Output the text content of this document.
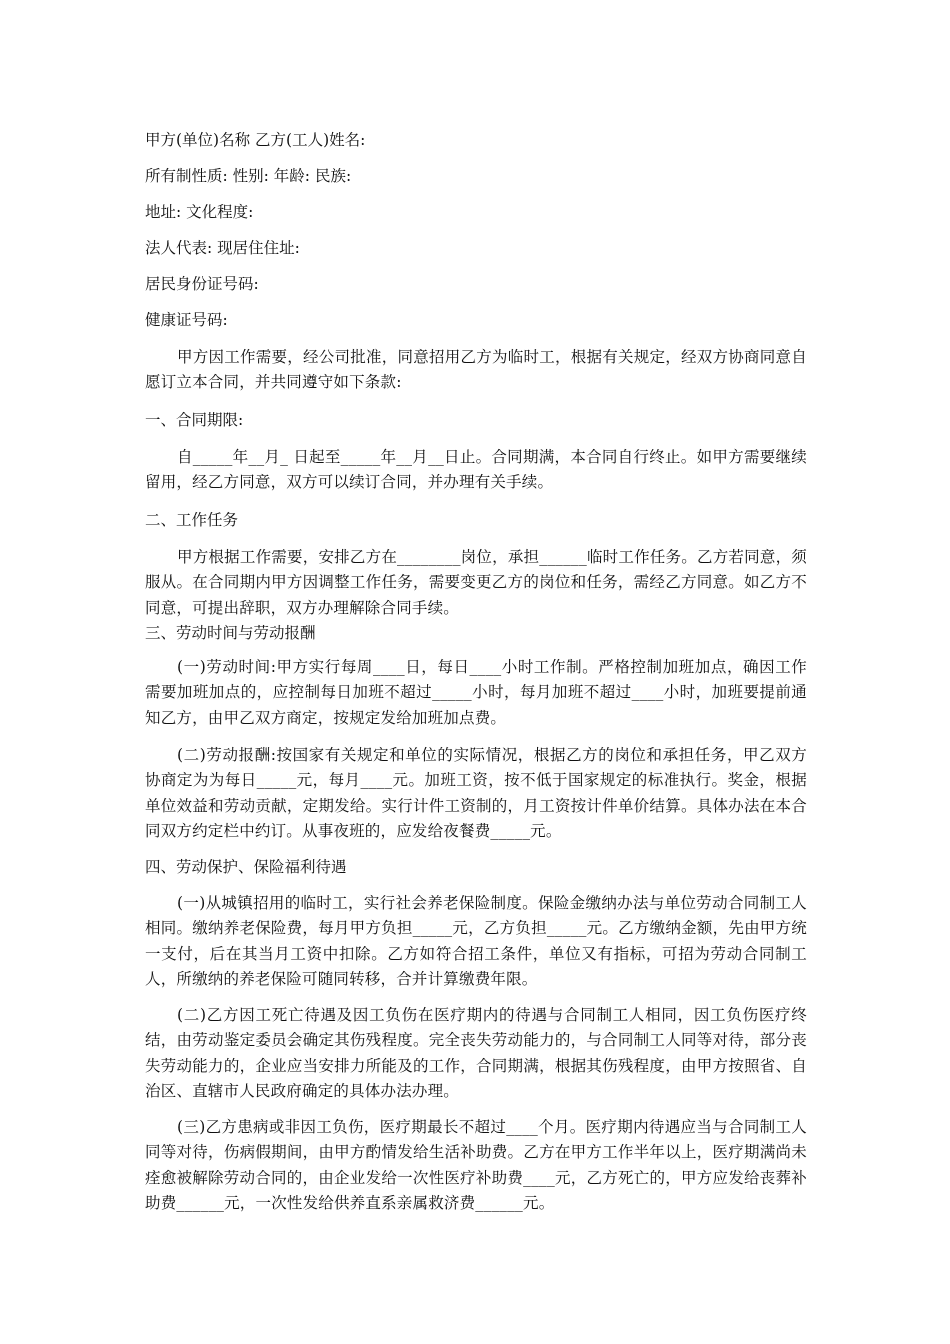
甲方(单位)名称 乙方(工人)姓名:
所有制性质: 性别: 年龄: 民族:
地址: 文化程度:
法人代表: 现居住住址:
居民身份证号码:
健康证号码:

甲方因工作需要，经公司批准，同意招用乙方为临时工，根据有关规定，经双方协商同意自愿订立本合同，并共同遵守如下条款:

一、合同期限:

自_____年__月_ 日起至_____年__月__日止。合同期满，本合同自行终止。如甲方需要继续留用，经乙方同意，双方可以续订合同，并办理有关手续。

二、工作任务

甲方根据工作需要，安排乙方在________岗位，承担______临时工作任务。乙方若同意，须服从。在合同期内甲方因调整工作任务，需要变更乙方的岗位和任务，需经乙方同意。如乙方不同意，可提出辞职，双方办理解除合同手续。

三、劳动时间与劳动报酬

(一)劳动时间:甲方实行每周____日，每日____小时工作制。严格控制加班加点，确因工作需要加班加点的，应控制每日加班不超过_____小时，每月加班不超过____小时，加班要提前通知乙方，由甲乙双方商定，按规定发给加班加点费。

(二)劳动报酬:按国家有关规定和单位的实际情况，根据乙方的岗位和承担任务，甲乙双方协商定为为每日_____元，每月____元。加班工资，按不低于国家规定的标准执行。奖金，根据单位效益和劳动贡献，定期发给。实行计件工资制的，月工资按计件单价结算。具体办法在本合同双方约定栏中约订。从事夜班的，应发给夜餐费_____元。

四、劳动保护、保险福利待遇

(一)从城镇招用的临时工，实行社会养老保险制度。保险金缴纳办法与单位劳动合同制工人相同。缴纳养老保险费，每月甲方负担_____元，乙方负担_____元。乙方缴纳金额，先由甲方统一支付，后在其当月工资中扣除。乙方如符合招工条件，单位又有指标，可招为劳动合同制工人，所缴纳的养老保险可随同转移，合并计算缴费年限。

(二)乙方因工死亡待遇及因工负伤在医疗期内的待遇与合同制工人相同，因工负伤医疗终结，由劳动鉴定委员会确定其伤残程度。完全丧失劳动能力的，与合同制工人同等对待，部分丧失劳动能力的，企业应当安排力所能及的工作，合同期满，根据其伤残程度，由甲方按照省、自治区、直辖市人民政府确定的具体办法办理。

(三)乙方患病或非因工负伤，医疗期最长不超过____个月。医疗期内待遇应当与合同制工人同等对待，伤病假期间，由甲方酌情发给生活补助费。乙方在甲方工作半年以上，医疗期满尚未痊愈被解除劳动合同的，由企业发给一次性医疗补助费____元，乙方死亡的，甲方应发给丧葬补助费______元，一次性发给供养直系亲属救济费______元。
